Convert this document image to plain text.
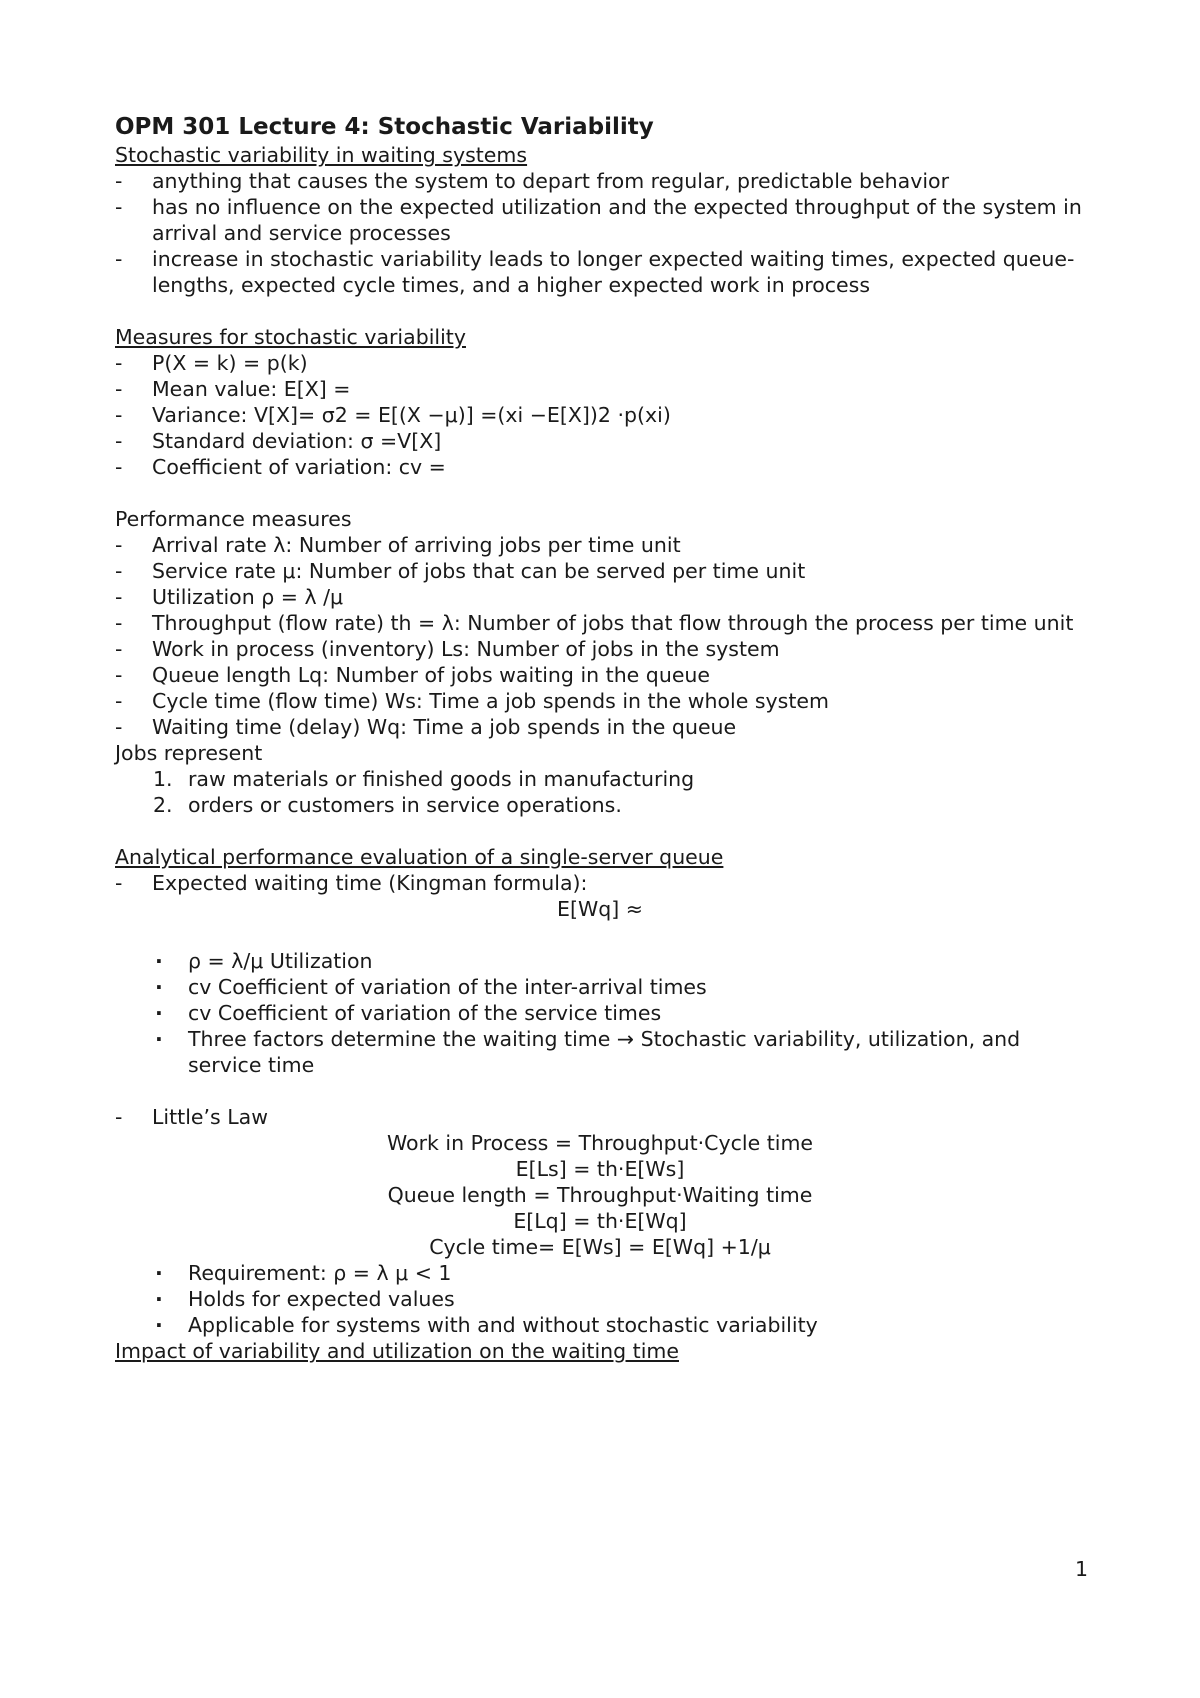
OPM 301 Lecture 4: Stochastic Variability
Stochastic variability in waiting systems
- anything that causes the system to depart from regular, predictable behavior
- has no influence on the expected utilization and the expected throughput of the system in arrival and service processes
- increase in stochastic variability leads to longer expected waiting times, expected queue-lengths, expected cycle times, and a higher expected work in process
Measures for stochastic variability
- P(X = k) = p(k)
- Mean value: E[X] =
- Variance: V[X]= σ2 = E[(X −μ)] =(xi −E[X])2 ·p(xi)
- Standard deviation: σ =V[X]
- Coefficient of variation: cv =
Performance measures
- Arrival rate λ: Number of arriving jobs per time unit
- Service rate μ: Number of jobs that can be served per time unit
- Utilization ρ = λ /μ
- Throughput (flow rate) th = λ: Number of jobs that flow through the process per time unit
- Work in process (inventory) Ls: Number of jobs in the system
- Queue length Lq: Number of jobs waiting in the queue
- Cycle time (flow time) Ws: Time a job spends in the whole system
- Waiting time (delay) Wq: Time a job spends in the queue
Jobs represent
1. raw materials or finished goods in manufacturing
2. orders or customers in service operations.
Analytical performance evaluation of a single-server queue
- Expected waiting time (Kingman formula):
E[Wq] ≈
· ρ = λ/μ Utilization
· cv Coefficient of variation of the inter-arrival times
· cv Coefficient of variation of the service times
· Three factors determine the waiting time → Stochastic variability, utilization, and service time
- Little’s Law
Work in Process = Throughput·Cycle time
E[Ls] = th·E[Ws]
Queue length = Throughput·Waiting time
E[Lq] = th·E[Wq]
Cycle time= E[Ws] = E[Wq] +1/μ
· Requirement: ρ = λ μ < 1
· Holds for expected values
· Applicable for systems with and without stochastic variability
Impact of variability and utilization on the waiting time
1
